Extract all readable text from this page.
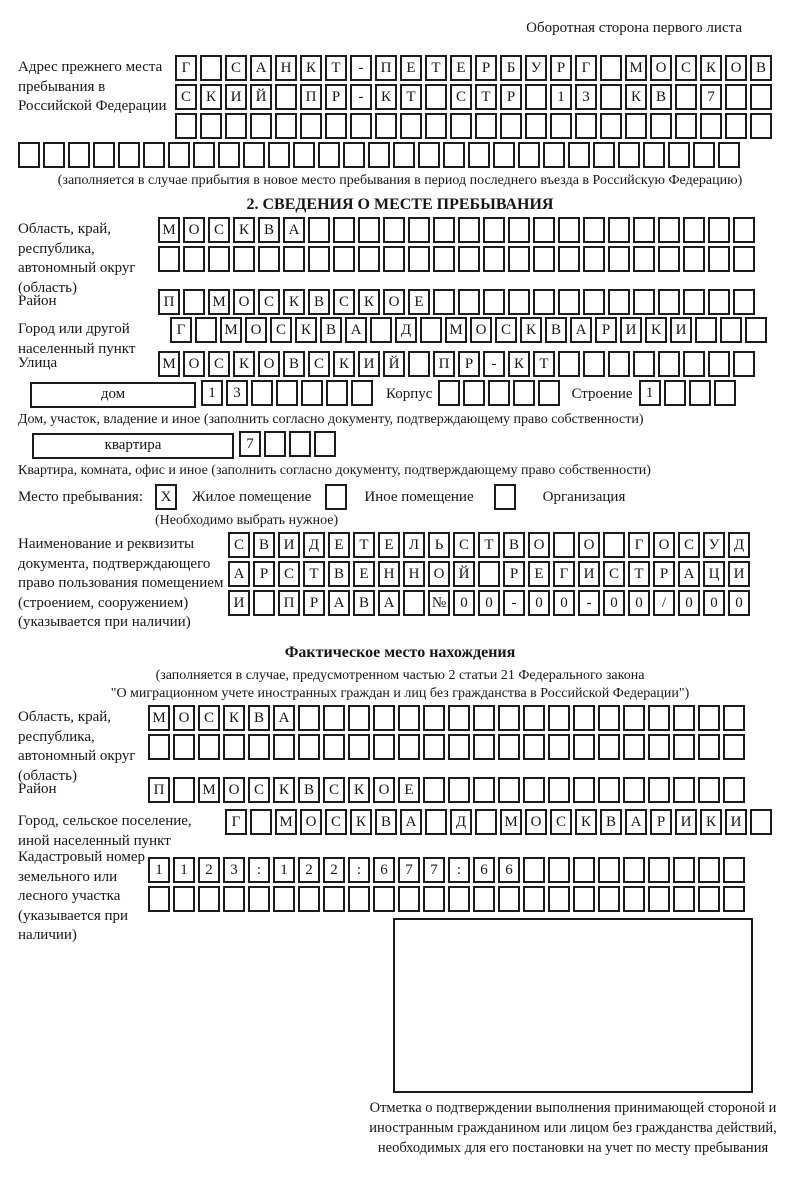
Оборотная сторона первого листа
Адрес прежнего места пребывания в Российской Федерации
Г	С А Н К	Т	-	П Е	Т	Е	Р	Б	У	Р	Г	М О С К О В
С К И Й	П	Р	-	К	Т	С	Т	Р	1	3	К В	7
(заполняется в случае прибытия в новое место пребывания в период последнего въезда в Российскую Федерацию)
2. СВЕДЕНИЯ О МЕСТЕ ПРЕБЫВАНИЯ
Область, край, республика, автономный округ (область)
М О С К В А
Район	П	М О С К В С К О Е
Город или другой населенный пункт
Г	М О С К В А	Д	М О С К В А	Р	И К И
Улица	М О С К О В С К И Й	П	Р	-	К	Т
дом	1	3	Корпус	Строение 1
Дом, участок, владение и иное (заполнить согласно документу, подтверждающему право собственности)
квартира	7
Квартира, комната, офис и иное (заполнить согласно документу, подтверждающему право собственности)
Место пребывания:	X	Жилое помещение	Иное помещение	Организация
(Необходимо выбрать нужное)
Наименование и реквизиты документа, подтверждающего право пользования помещением (строением, сооружением) (указывается при наличии)
С В И Д	Е	Т	Е	Л	Ь	С	Т	В О	О	Г	О С У Д
А	Р	С	Т	В	Е	Н Н О Й	Р	Е	Г	И С	Т	Р	А Ц И
И	П	Р	А В А	№ 0	0	-	0	0	-	0	0	/	0	0	0
Фактическое место нахождения
(заполняется в случае, предусмотренном частью 2 статьи 21 Федерального закона
"О миграционном учете иностранных граждан и лиц без гражданства в Российской Федерации")
Область, край, республика, автономный округ (область)
М О С К В А
Район	П	М О С К В С К О Е
Город, сельское поселение, иной населенный пункт
Г	М О С К В А	Д	М О С К В А	Р	И К И
Кадастровый номер земельного или лесного участка (указывается при наличии)
1	1	2	3	:	1	2	2	:	6	7	7	:	6	6
Отметка о подтверждении выполнения принимающей стороной и иностранным гражданином или лицом без гражданства действий, необходимых для его постановки на учет по месту пребывания
